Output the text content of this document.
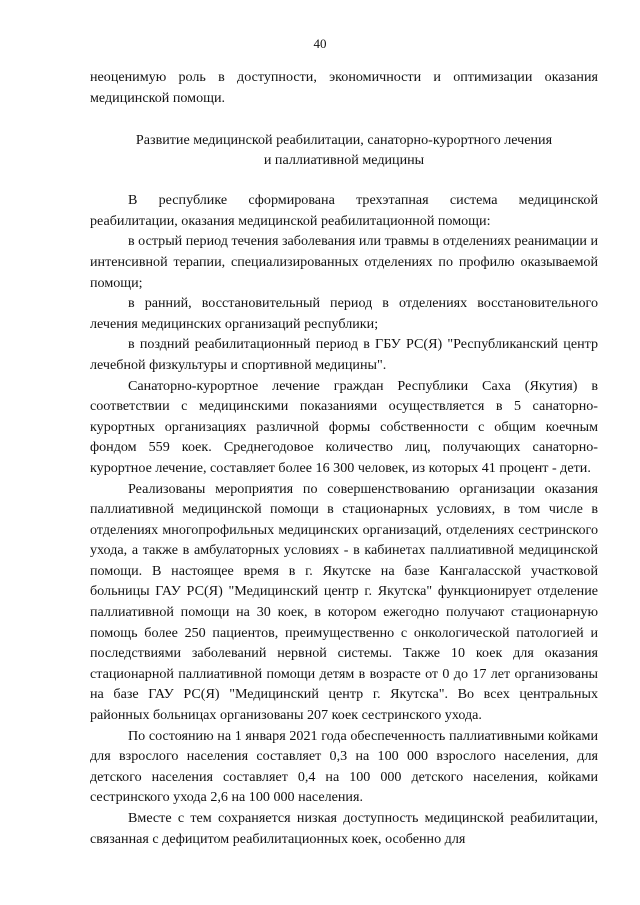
40

неоценимую роль в доступности, экономичности и оптимизации оказания медицинской помощи.

Развитие медицинской реабилитации, санаторно-курортного лечения
и паллиативной медицины

В республике сформирована трехэтапная система медицинской реабилитации, оказания медицинской реабилитационной помощи:

в острый период течения заболевания или травмы в отделениях реанимации и интенсивной терапии, специализированных отделениях по профилю оказываемой помощи;

в ранний, восстановительный период в отделениях восстановительного лечения медицинских организаций республики;

в поздний реабилитационный период в ГБУ РС(Я) "Республиканский центр лечебной физкультуры и спортивной медицины".

Санаторно-курортное лечение граждан Республики Саха (Якутия) в соответствии с медицинскими показаниями осуществляется в 5 санаторно-курортных организациях различной формы собственности с общим коечным фондом 559 коек. Среднегодовое количество лиц, получающих санаторно-курортное лечение, составляет более 16 300 человек, из которых 41 процент - дети.

Реализованы мероприятия по совершенствованию организации оказания паллиативной медицинской помощи в стационарных условиях, в том числе в отделениях многопрофильных медицинских организаций, отделениях сестринского ухода, а также в амбулаторных условиях - в кабинетах паллиативной медицинской помощи. В настоящее время в г. Якутске на базе Кангаласской участковой больницы ГАУ РС(Я) "Медицинский центр г. Якутска" функционирует отделение паллиативной помощи на 30 коек, в котором ежегодно получают стационарную помощь более 250 пациентов, преимущественно с онкологической патологией и последствиями заболеваний нервной системы. Также 10 коек для оказания стационарной паллиативной помощи детям в возрасте от 0 до 17 лет организованы на базе ГАУ РС(Я) "Медицинский центр г. Якутска". Во всех центральных районных больницах организованы 207 коек сестринского ухода.

По состоянию на 1 января 2021 года обеспеченность паллиативными койками для взрослого населения составляет 0,3 на 100 000 взрослого населения, для детского населения составляет 0,4 на 100 000 детского населения, койками сестринского ухода 2,6 на 100 000 населения.

Вместе с тем сохраняется низкая доступность медицинской реабилитации, связанная с дефицитом реабилитационных коек, особенно для
